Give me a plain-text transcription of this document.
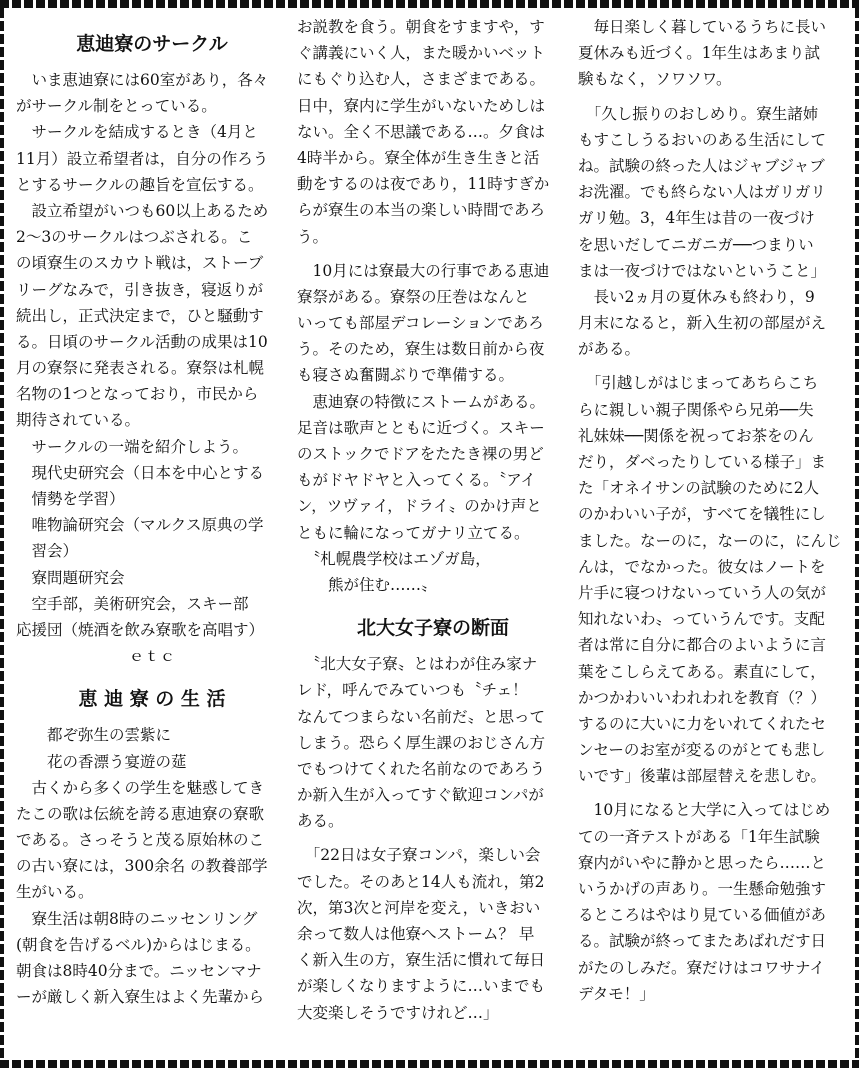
恵迪寮のサークル
　いま恵迪寮には60室があり，各々
がサークル制をとっている。
　サークルを結成するとき（4月と
11月）設立希望者は，自分の作ろう
とするサークルの趣旨を宣伝する。
　設立希望がいつも60以上あるため
2〜3のサークルはつぶされる。こ
の頃寮生のスカウト戦は，ストーブ
リーグなみで，引き抜き，寝返りが
続出し，正式決定まで，ひと騒動す
る。日頃のサークル活動の成果は10
月の寮祭に発表される。寮祭は札幌
名物の1つとなっており，市民から
期待されている。
　サークルの一端を紹介しよう。
　現代史研究会（日本を中心とする
　情勢を学習）
　唯物論研究会（マルクス原典の学
　習会）
　寮問題研究会
　空手部，美術研究会，スキー部
応援団（焼酒を飲み寮歌を高唱す）
ｅｔｃ
恵 迪 寮 の 生 活
　　都ぞ弥生の雲紫に
　　花の香漂う宴遊の莚
　古くから多くの学生を魅惑してき
たこの歌は伝統を誇る恵迪寮の寮歌
である。さっそうと茂る原始林のこ
の古い寮には，300余名 の教養部学
生がいる。
　寮生活は朝8時のニッセンリング
(朝食を告げるベル)からはじまる。
朝食は8時40分まで。ニッセンマナ
ーが厳しく新入寮生はよく先輩から
お説教を食う。朝食をすますや，す
ぐ講義にいく人，また暖かいベット
にもぐり込む人，さまざまである。
日中，寮内に学生がいないためしは
ない。全く不思議である…。夕食は
4時半から。寮全体が生き生きと活
動をするのは夜であり，11時すぎか
らが寮生の本当の楽しい時間であろ
う。
　10月には寮最大の行事である恵迪
寮祭がある。寮祭の圧巻はなんと
いっても部屋デコレーションであろ
う。そのため，寮生は数日前から夜
も寝さぬ奮闘ぶりで準備する。
　恵迪寮の特徴にストームがある。
足音は歌声とともに近づく。スキー
のストックでドアをたたき裸の男ど
もがドヤドヤと入ってくる。〝アイ
ン，ツヴァイ，ドライ〟のかけ声と
ともに輪になってガナリ立てる。
　〝札幌農学校はエゾガ島，
　　熊が住む……〟
北大女子寮の断面
　〝北大女子寮〟とはわが住み家ナ
レド，呼んでみていつも〝チェ！
なんてつまらない名前だ〟と思って
しまう。恐らく厚生課のおじさん方
でもつけてくれた名前なのであろう
か新入生が入ってすぐ歓迎コンパが
ある。
　「22日は女子寮コンパ，楽しい会
でした。そのあと14人も流れ，第2
次，第3次と河岸を変え，いきおい
余って数人は他寮へストーム？ 早
く新入生の方，寮生活に慣れて毎日
が楽しくなりますように…いまでも
大変楽しそうですけれど…」
　毎日楽しく暮しているうちに長い
夏休みも近づく。1年生はあまり試
験もなく，ソワソワ。
　「久し振りのおしめり。寮生諸姉
もすこしうるおいのある生活にして
ね。試験の終った人はジャブジャブ
お洗濯。でも終らない人はガリガリ
ガリ勉。3，4年生は昔の一夜づけ
を思いだしてニガニガ──つまりい
まは一夜づけではないということ」
　長い2ヵ月の夏休みも終わり，9
月末になると，新入生初の部屋がえ
がある。
　「引越しがはじまってあちらこち
らに親しい親子関係やら兄弟──失
礼妹妹──関係を祝ってお茶をのん
だり，ダベったりしている様子」ま
た「オネイサンの試験のために2人
のかわいい子が，すべてを犠牲にし
ました。なーのに，なーのに，にんじ
んは，でなかった。彼女はノートを
片手に寝つけないっていう人の気が
知れないわ〟っていうんです。支配
者は常に自分に都合のよいように言
葉をこしらえてある。素直にして，
かつかわいいわれわれを教育（？）
するのに大いに力をいれてくれたセ
ンセーのお室が変るのがとても悲し
いです」後輩は部屋替えを悲しむ。
　10月になると大学に入ってはじめ
ての一斉テストがある「1年生試験
寮内がいやに静かと思ったら……と
いうかげの声あり。一生懸命勉強す
るところはやはり見ている価値があ
る。試験が終ってまたあばれだす日
がたのしみだ。寮だけはコワサナイ
デタモ！」
